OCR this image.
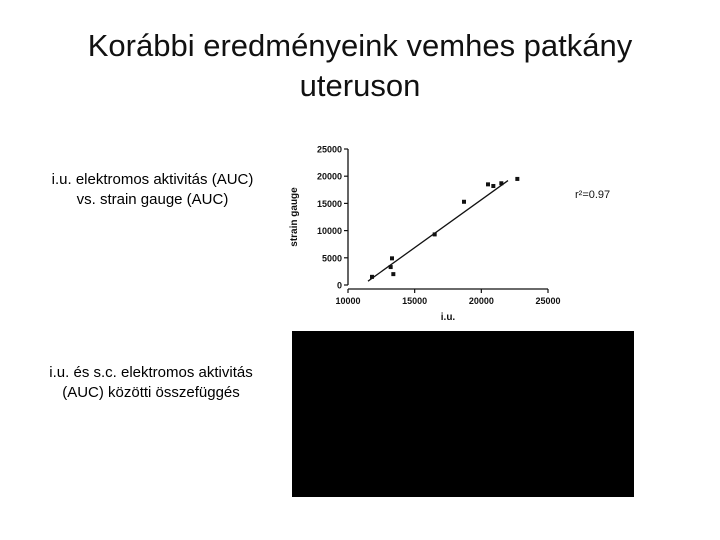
Korábbi eredményeink vemhes patkány
uteruson
i.u. elektromos aktivitás (AUC)
vs. strain gauge (AUC)
i.u. és s.c. elektromos aktivitás
(AUC) közötti összefüggés
0
5000
10000
15000
20000
25000
10000	15000	20000	25000
strain gauge
i.u.
r²=0.97
